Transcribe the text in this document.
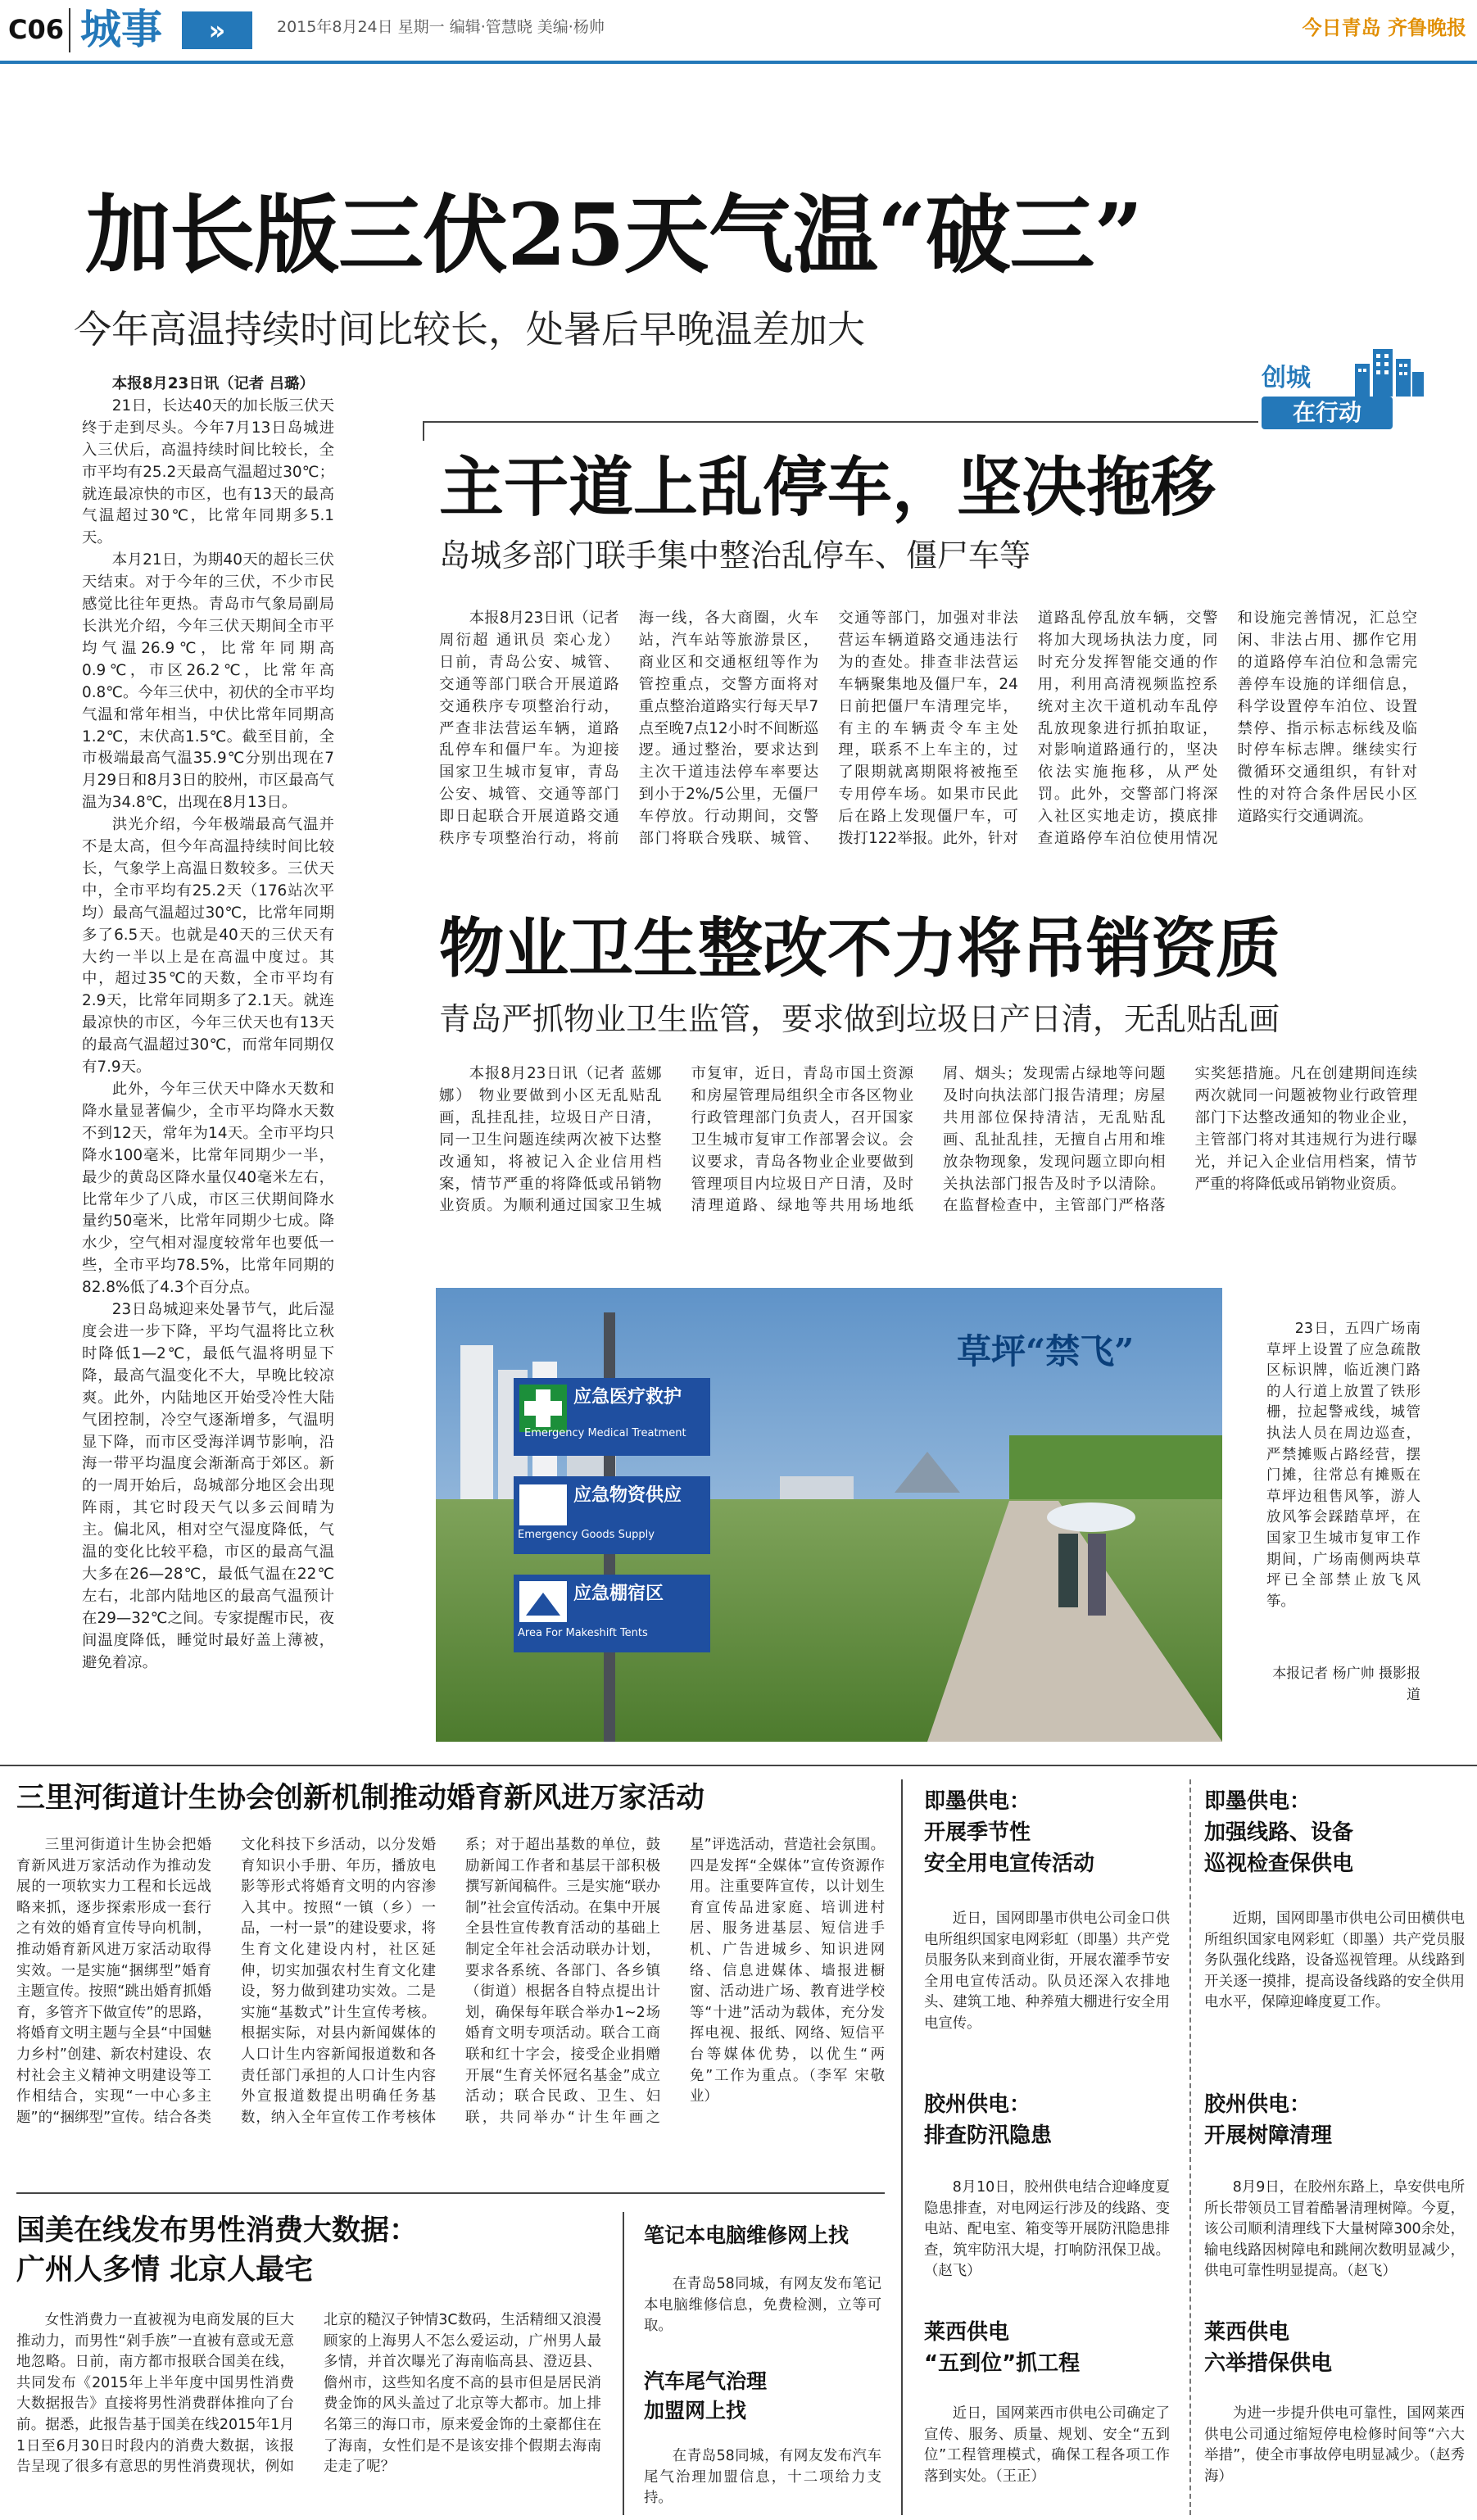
C06 城事	»	2015年8月24日 星期一 编辑·管慧晓 美编·杨帅	今日青岛 齐鲁晚报
加长版三伏25天气温“破三”
今年高温持续时间比较长，处暑后早晚温差加大

本报8月23日讯（记者 吕璐）

21日，长达40天的加长版三伏天终于走到尽头。今年7月13日岛城进入三伏后，高温持续时间比较长，全市平均有25.2天最高气温超过30℃；就连最凉快的市区，也有13天的最高气温超过30℃，比常年同期多5.1天。

本月21日，为期40天的超长三伏天结束。对于今年的三伏，不少市民感觉比往年更热。青岛市气象局副局长洪光介绍，今年三伏天期间全市平均气温26.9℃，比常年同期高0.9℃，市区26.2℃，比常年高0.8℃。今年三伏中，初伏的全市平均气温和常年相当，中伏比常年同期高1.2℃，末伏高1.5℃。截至目前，全市极端最高气温35.9℃分别出现在7月29日和8月3日的胶州，市区最高气温为34.8℃，出现在8月13日。

洪光介绍，今年极端最高气温并不是太高，但今年高温持续时间比较长，气象学上高温日数较多。三伏天中，全市平均有25.2天（176站次平均）最高气温超过30℃，比常年同期多了6.5天。也就是40天的三伏天有大约一半以上是在高温中度过。其中，超过35℃的天数，全市平均有2.9天，比常年同期多了2.1天。就连最凉快的市区，今年三伏天也有13天的最高气温超过30℃，而常年同期仅有7.9天。

此外，今年三伏天中降水天数和降水量显著偏少，全市平均降水天数不到12天，常年为14天。全市平均只降水100毫米，比常年同期少一半，最少的黄岛区降水量仅40毫米左右，比常年少了八成，市区三伏期间降水量约50毫米，比常年同期少七成。降水少，空气相对湿度较常年也要低一些，全市平均78.5%，比常年同期的82.8%低了4.3个百分点。

23日岛城迎来处暑节气，此后湿度会进一步下降，平均气温将比立秋时降低1—2℃，最低气温将明显下降，最高气温变化不大，早晚比较凉爽。此外，内陆地区开始受冷性大陆气团控制，冷空气逐渐增多，气温明显下降，而市区受海洋调节影响，沿海一带平均温度会渐渐高于郊区。新的一周开始后，岛城部分地区会出现阵雨，其它时段天气以多云间晴为主。偏北风，相对空气湿度降低，气温的变化比较平稳，市区的最高气温大多在26—28℃，最低气温在22℃左右，北部内陆地区的最高气温预计在29—32℃之间。专家提醒市民，夜间温度降低，睡觉时最好盖上薄被，避免着凉。

创城
在行动
主干道上乱停车，坚决拖移
岛城多部门联手集中整治乱停车、僵尸车等
本报8月23日讯（记者 周衍超 通讯员 栾心龙） 日前，青岛公安、城管、交通等部门联合开展道路交通秩序专项整治行动，严查非法营运车辆，道路乱停车和僵尸车。为迎接国家卫生城市复审，青岛公安、城管、交通等部门即日起联合开展道路交通秩序专项整治行动，将前海一线，各大商圈，火车站，汽车站等旅游景区，商业区和交通枢纽等作为管控重点，交警方面将对重点整治道路实行每天早7点至晚7点12小时不间断巡逻。通过整治，要求达到主次干道违法停车率要达到小于2%/5公里，无僵尸车停放。行动期间，交警部门将联合残联、城管、交通等部门，加强对非法营运车辆道路交通违法行为的查处。排查非法营运车辆聚集地及僵尸车，24日前把僵尸车清理完毕，有主的车辆责令车主处理，联系不上车主的，过了限期就离期限将被拖至专用停车场。如果市民此后在路上发现僵尸车，可拨打122举报。此外，针对道路乱停乱放车辆，交警将加大现场执法力度，同时充分发挥智能交通的作用，利用高清视频监控系统对主次干道机动车乱停乱放现象进行抓拍取证，对影响道路通行的，坚决依法实施拖移，从严处罚。此外，交警部门将深入社区实地走访，摸底排查道路停车泊位使用情况和设施完善情况，汇总空闲、非法占用、挪作它用的道路停车泊位和急需完善停车设施的详细信息，科学设置停车泊位、设置禁停、指示标志标线及临时停车标志牌。继续实行微循环交通组织，有针对性的对符合条件居民小区道路实行交通调流。
物业卫生整改不力将吊销资质
青岛严抓物业卫生监管，要求做到垃圾日产日清，无乱贴乱画
本报8月23日讯（记者 蓝娜娜） 物业要做到小区无乱贴乱画，乱挂乱挂，垃圾日产日清，同一卫生问题连续两次被下达整改通知，将被记入企业信用档案，情节严重的将降低或吊销物业资质。为顺利通过国家卫生城市复审，近日，青岛市国土资源和房屋管理局组织全市各区物业行政管理部门负责人，召开国家卫生城市复审工作部署会议。会议要求，青岛各物业企业要做到管理项目内垃圾日产日清，及时清理道路、绿地等共用场地纸屑、烟头；发现需占绿地等问题及时向执法部门报告清理；房屋共用部位保持清洁，无乱贴乱画、乱扯乱挂，无擅自占用和堆放杂物现象，发现问题立即向相关执法部门报告及时予以清除。在监督检查中，主管部门严格落实奖惩措施。凡在创建期间连续两次就同一问题被物业行政管理部门下达整改通知的物业企业，主管部门将对其违规行为进行曝光，并记入企业信用档案，情节严重的将降低或吊销物业资质。
应急医疗救护
Emergency Medical Treatment
应急物资供应
Emergency Goods Supply
应急棚宿区
Area For Makeshift Tents
草坪“禁飞”
23日，五四广场南草坪上设置了应急疏散区标识牌，临近澳门路的人行道上放置了铁形栅，拉起警戒线，城管执法人员在周边巡查，严禁摊贩占路经营，摆门摊，往常总有摊贩在草坪边租售风筝，游人放风筝会踩踏草坪，在国家卫生城市复审工作期间，广场南侧两块草坪已全部禁止放飞风筝。
本报记者 杨广帅 摄影报道
三里河街道计生协会创新机制推动婚育新风进万家活动
三里河街道计生协会把婚育新风进万家活动作为推动发展的一项软实力工程和长远战略来抓，逐步探索形成一套行之有效的婚育宣传导向机制，推动婚育新风进万家活动取得实效。一是实施“捆绑型”婚育主题宣传。按照“跳出婚育抓婚育，多管齐下做宣传”的思路，将婚育文明主题与全县“中国魅力乡村”创建、新农村建设、农村社会主义精神文明建设等工作相结合，实现“一中心多主题”的“捆绑型”宣传。结合各类文化科技下乡活动，以分发婚育知识小手册、年历，播放电影等形式将婚育文明的内容渗入其中。按照“一镇（乡）一品，一村一景”的建设要求，将生育文化建设内村，社区延伸，切实加强农村生育文化建设，努力做到建功实效。二是实施“基数式”计生宣传考核。根据实际，对县内新闻媒体的人口计生内容新闻报道数和各责任部门承担的人口计生内容外宣报道数提出明确任务基数，纳入全年宣传工作考核体系；对于超出基数的单位，鼓励新闻工作者和基层干部积极撰写新闻稿件。三是实施“联办制”社会宣传活动。在集中开展全县性宣传教育活动的基础上制定全年社会活动联办计划，要求各系统、各部门、各乡镇（街道）根据各自特点提出计划，确保每年联合举办1~2场婚育文明专项活动。联合工商联和红十字会，接受企业捐赠开展“生育关怀冠名基金”成立活动；联合民政、卫生、妇联，共同举办“计生年画之星”评选活动，营造社会氛围。四是发挥“全媒体”宣传资源作用。注重要阵宣传，以计划生育宣传品进家庭、培训进村居、服务进基层、短信进手机、广告进城乡、知识进网络、信息进媒体、墙报进橱窗、活动进广场、教育进学校等“十进”活动为载体，充分发挥电视、报纸、网络、短信平台等媒体优势，以优生“两免”工作为重点。（李军 宋敬业）
国美在线发布男性消费大数据：
广州人多情 北京人最宅
女性消费力一直被视为电商发展的巨大推动力，而男性“剁手族”一直被有意或无意地忽略。日前，南方都市报联合国美在线，共同发布《2015年上半年度中国男性消费大数据报告》直接将男性消费群体推向了台前。据悉，此报告基于国美在线2015年1月1日至6月30日时段内的消费大数据，该报告呈现了很多有意思的男性消费现状，例如北京的糙汉子钟情3C数码，生活精细又浪漫顾家的上海男人不怎么爱运动，广州男人最多情，并首次曝光了海南临高县、澄迈县、儋州市，这些知名度不高的县市但是居民消费金饰的风头盖过了北京等大都市。加上排名第三的海口市，原来爱金饰的土豪都住在了海南，女性们是不是该安排个假期去海南走走了呢？
笔记本电脑维修网上找
在青岛58同城，有网友发布笔记本电脑维修信息，免费检测，立等可取。
汽车尾气治理
加盟网上找
在青岛58同城，有网友发布汽车尾气治理加盟信息，十二项给力支持。
即墨供电：
开展季节性
安全用电宣传活动
近日，国网即墨市供电公司金口供电所组织国家电网彩虹（即墨）共产党员服务队来到商业街，开展农灌季节安全用电宣传活动。队员还深入农排地头、建筑工地、种养殖大棚进行安全用电宣传。
即墨供电：
加强线路、设备
巡视检查保供电
近期，国网即墨市供电公司田横供电所组织国家电网彩虹（即墨）共产党员服务队强化线路，设备巡视管理。从线路到开关逐一摸排，提高设备线路的安全供用电水平，保障迎峰度夏工作。
胶州供电：
排查防汛隐患
8月10日，胶州供电结合迎峰度夏隐患排查，对电网运行涉及的线路、变电站、配电室、箱变等开展防汛隐患排查，筑牢防汛大堤，打响防汛保卫战。（赵飞）
胶州供电：
开展树障清理
8月9日，在胶州东路上，阜安供电所所长带领员工冒着酷暑清理树障。今夏，该公司顺利清理线下大量树障300余处，输电线路因树障电和跳闸次数明显减少，供电可靠性明显提高。（赵飞）
莱西供电
“五到位”抓工程
近日，国网莱西市供电公司确定了宣传、服务、质量、规划、安全“五到位”工程管理模式，确保工程各项工作落到实处。（王正）
莱西供电
六举措保供电
为进一步提升供电可靠性，国网莱西供电公司通过缩短停电检修时间等“六大举措”，使全市事故停电明显减少。（赵秀海）
